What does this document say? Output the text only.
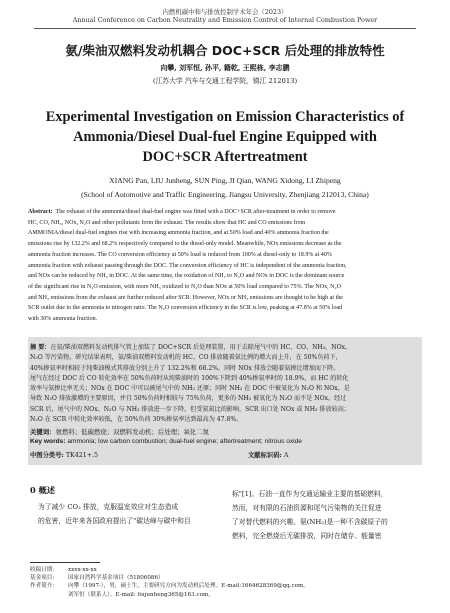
内燃机碳中和与排放控制学术年会（2023）
Annual Conference on Carbon Neutrality and Emission Control of Internal Combustion Power
氨/柴油双燃料发动机耦合 DOC+SCR 后处理的排放特性
向攀, 刘军恒, 孙平, 籍乾, 王熙栋, 李志鹏
(江苏大学 汽车与交通工程学院，镇江 212013)
Experimental Investigation on Emission Characteristics of
Ammonia/Diesel Dual-fuel Engine Equipped with
DOC+SCR Aftertreatment
XIANG Pan, LIU Junheng, SUN Ping, JI Qian, WANG Xidong, LI Zhipeng
(School of Automotive and Traffic Engineering, Jiangsu University, Zhenjiang 212013, China)
Abstract: The exhaust of the ammonia/diesel dual-fuel engine was fitted with a DOC+SCR after-treatment in order to remove
HC, CO, NH₃, NOx, N₂O and other pollutants from the exhaust. The results show that HC and CO emissions from
AMMONIA/diesel dual-fuel engines rise with increasing ammonia fraction, and at 50% load and 40% ammonia fraction the
emissions rise by 132.2% and 68.2% respectively compared to the diesel-only model. Meanwhile, NOx emissions decrease as the
ammonia fraction increases. The CO conversion efficiency at 50% load is reduced from 100% at diesel-only to 18.9% at 40%
ammonia fraction with exhaust passing through the DOC. The conversion efficiency of HC is independent of the ammonia fraction,
and NOx can be reduced by NH₃ in DOC. At the same time, the oxidation of NH₃ to N₂O and NOx in DOC is the dominant source
of the significant rise in N₂O emission, with more NH₃ oxidized to N₂O than NOx at 50% load compared to 75%. The NOx, N₂O
and NH₃ emissions from the exhaust are further reduced after SCR. However, NOx or NH₃ emissions are thought to be high at the
SCR outlet due to the ammonia to nitrogen ratio. The N₂O conversion efficiency in the SCR is low, peaking at 47.8% at 50% load
with 30% ammonia fraction.
摘 要：在氨/柴油双燃料发动机排气管上加装了 DOC+SCR 后处理装置，用于去除尾气中的 HC、CO、NH₃、NOx、
N₂O 等污染物。研究结果表明，氨/柴油双燃料发动机的 HC、CO 排放随着氨比例的增大而上升，在 50%负荷下，
40%掺氨率时相较于纯柴油模式其排放分别上升了 132.2%和 68.2%，同时 NOx 排放会随着氨掺比增加而下降。
尾气在经过 DOC 后 CO 转化效率在 50%负荷时从纯柴油时的 100%下降到 40%掺氨率时的 18.9%，而 HC 的转化
效率与氨掺比率无关；NOx 在 DOC 中可以被尾气中的 NH₃ 还原；同时 NH₃ 在 DOC 中被氧化为 N₂O 和 NOx，是
导致 N₂O 排放激增的主要原因，并且 50%负荷时相较与 75%负荷，更多的 NH₃ 被氧化为 N₂O 而不是 NOx。经过
SCR 后，尾气中的 NOx、N₂O 与 NH₃ 排放进一步下降，但受氨氮比的影响，SCR 出口处 NOx 或 NH₃ 排放较高；
N₂O 在 SCR 中转化效率较低，在 50%负荷 30%掺氨率达到最高为 47.8%。
关键词：氨燃料；低碳燃烧；双燃料发动机；后处理；氧化二氮
Key words: ammonia; low carbon combustion; dual-fuel engine; aftertreatment; nitrous oxide
中图分类号: TK421+.5	文献标识码: A
0 概述
为了减少 CO₂ 排放，克服温室效应对生态造成
的危害，近年来各国政府提出了"碳达峰与碳中和目
标"[1]。石油一直作为交通运输业主要的基础燃料，
然而，对有限的石油资源和尾气污染物的关注促进
了对替代燃料的兴趣。氨(NH₃)是一种不含碳原子的
燃料，完全燃烧后无碳排放，同时在储存、能量密
收稿日期： xxxx-xx-xx
基金项目： 国家自然科学基金项目（51806086）
作者简介： 向攀（1997-），男，硕士生，主要研究方向为发动机后处理。E-mail:1664628369@qq.com。
刘军恒（联系人），E-mail: liujunheng365@163.com。
